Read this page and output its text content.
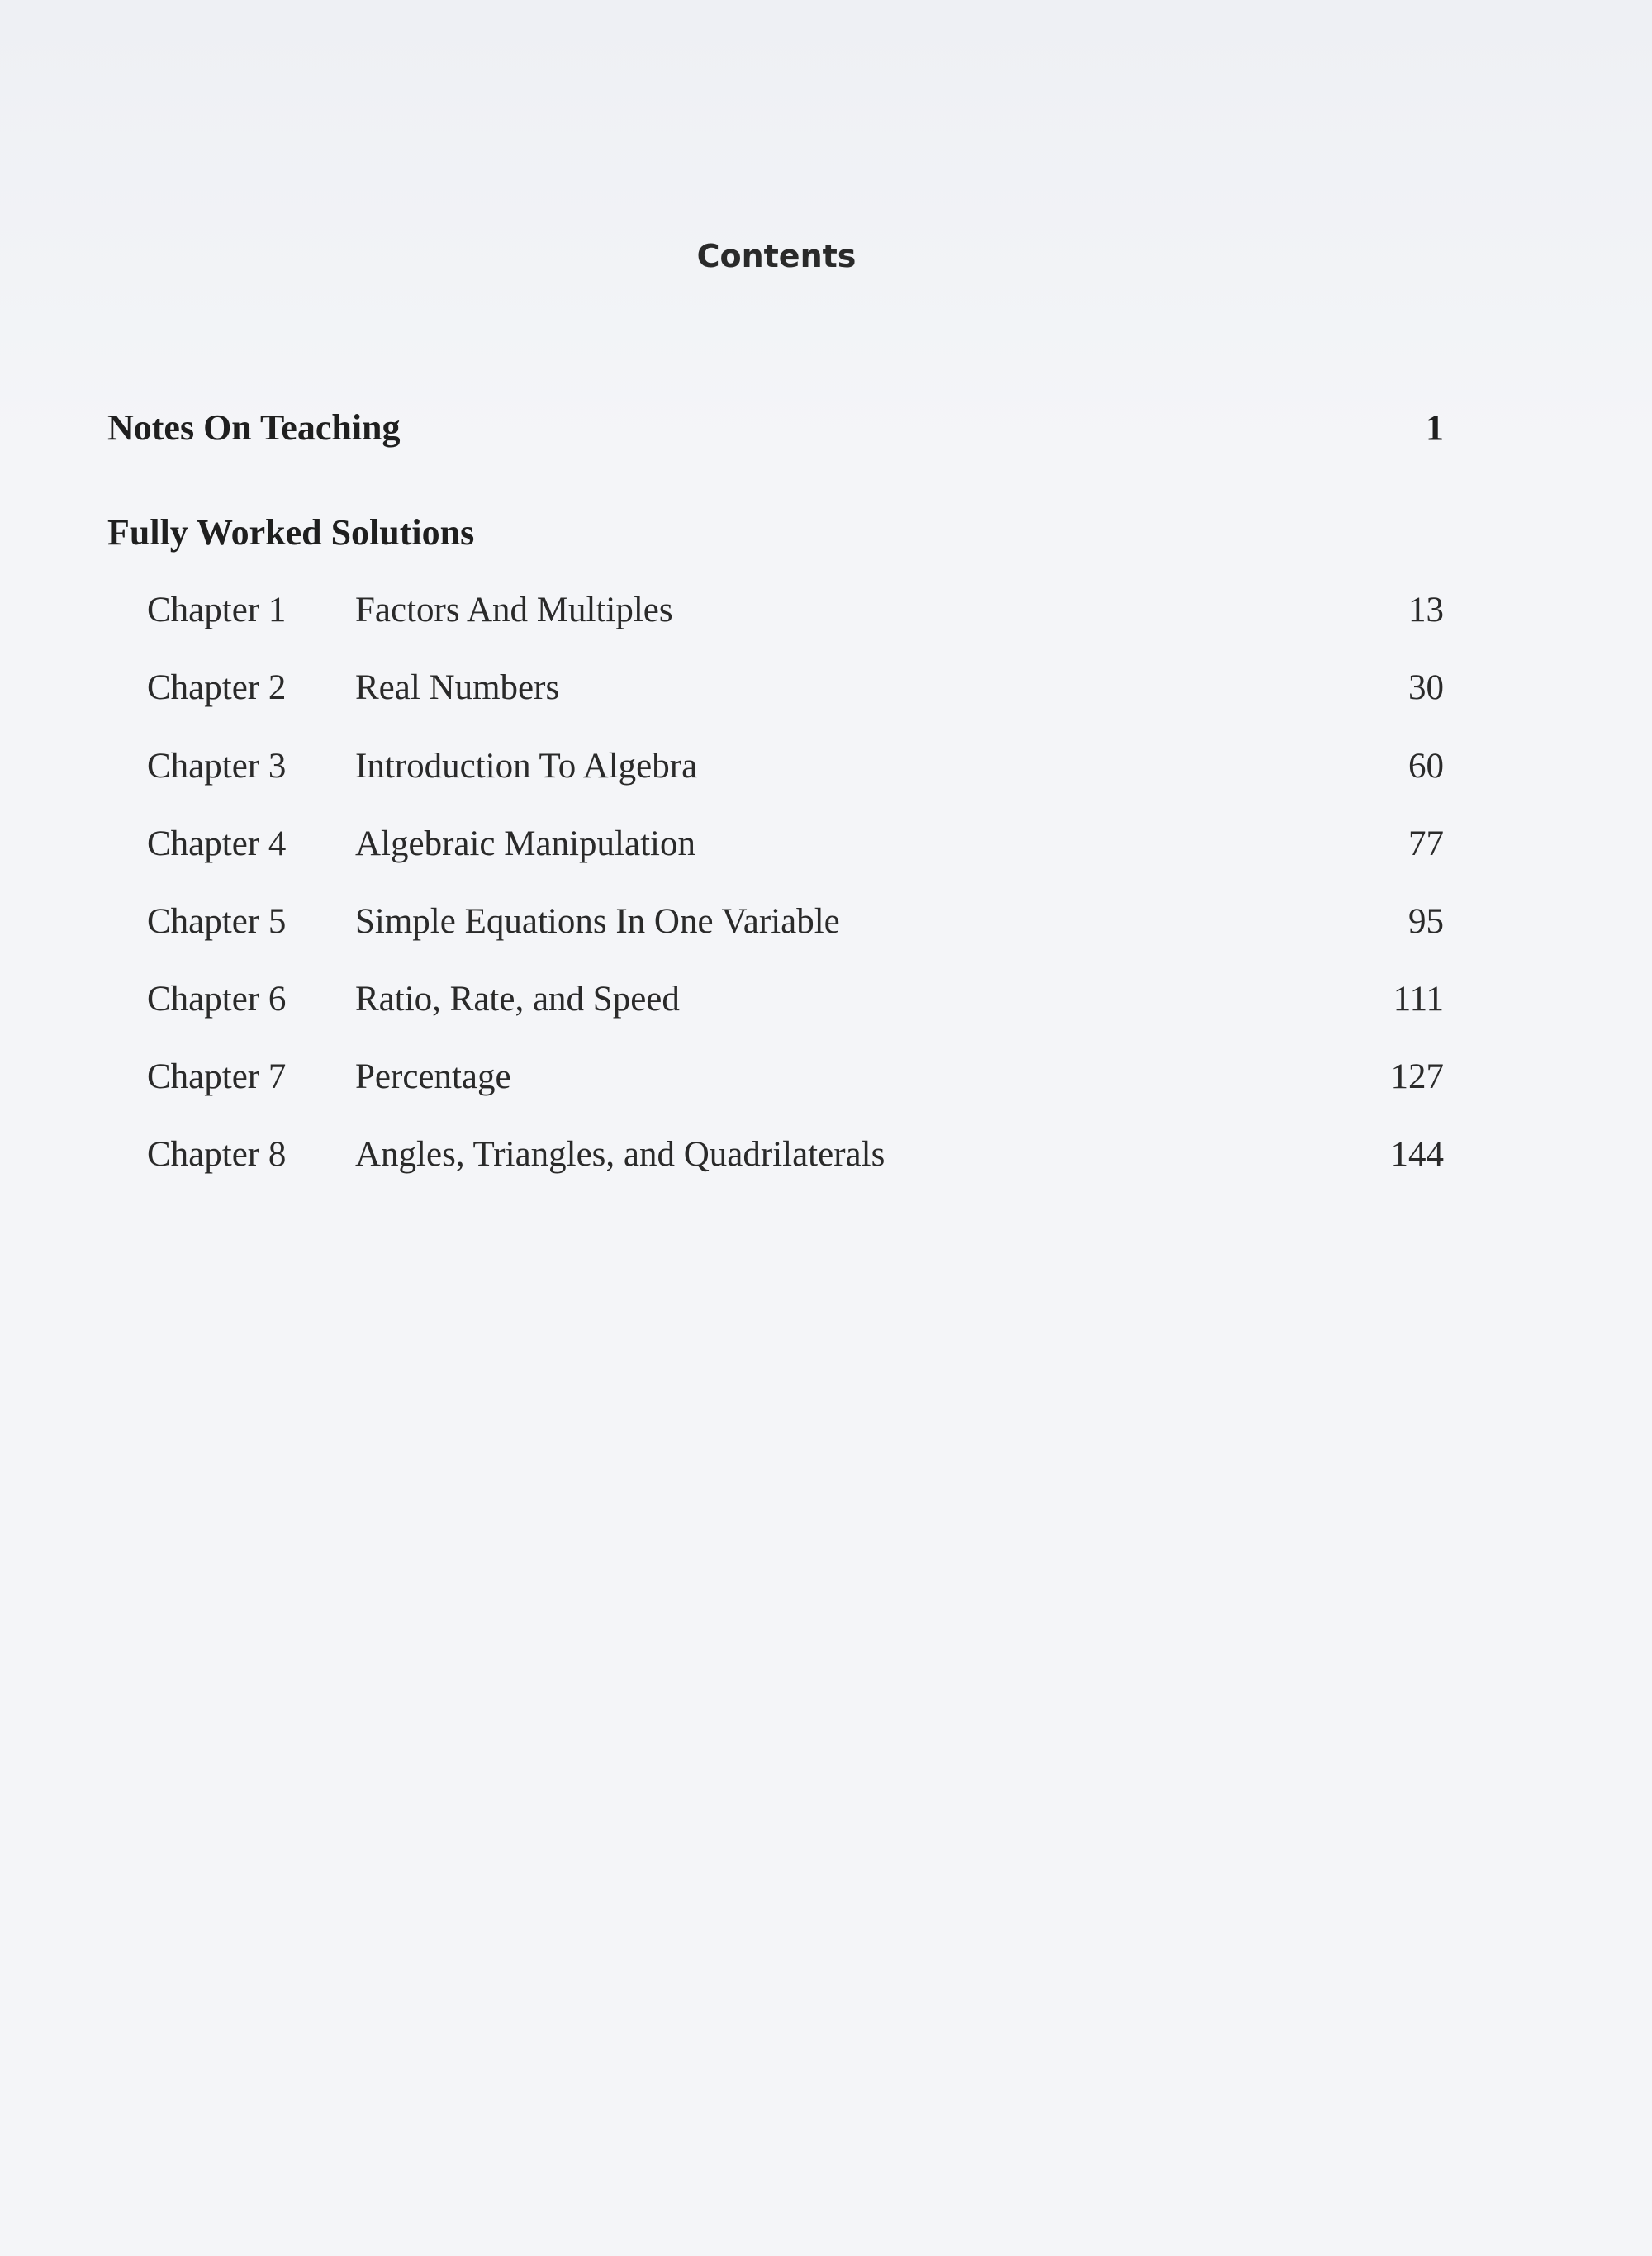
Contents
Notes On Teaching	1
Fully Worked Solutions
Chapter 1 Factors And Multiples	13
Chapter 2 Real Numbers	30
Chapter 3 Introduction To Algebra	60
Chapter 4 Algebraic Manipulation	77
Chapter 5 Simple Equations In One Variable	95
Chapter 6 Ratio, Rate, and Speed	111
Chapter 7 Percentage	127
Chapter 8 Angles, Triangles, and Quadrilaterals	144
